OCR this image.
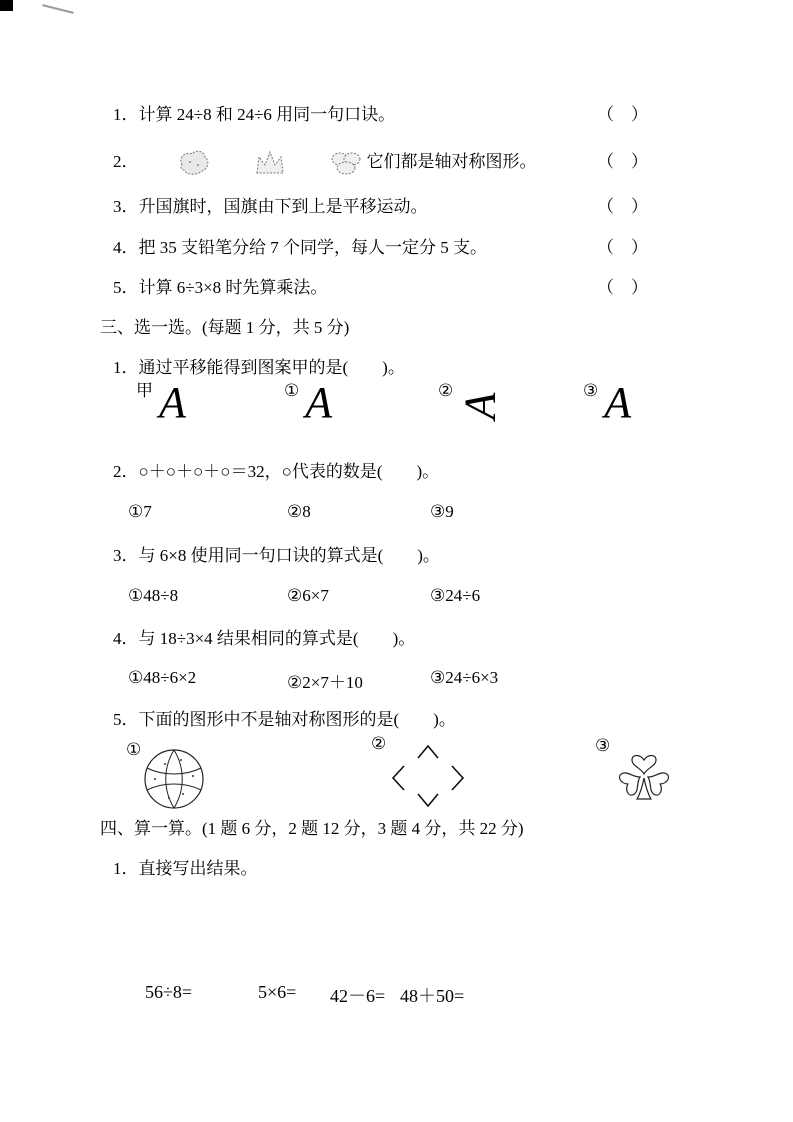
1． 计算 24÷8 和 24÷6 用同一句口诀。	（　）
2．

	它们都是轴对称图形。	（　）
3． 升国旗时，国旗由下到上是平移运动。	（　）
4． 把 35 支铅笔分给 7 个同学，每人一定分 5 支。	（　）
5． 计算 6÷3×8 时先算乘法。	（　）
三、选一选。(每题 1 分，共 5 分)
1．通过平移能得到图案甲的是(　　)。
甲 A	① A	②A
③ A
2．○＋○＋○＋○＝32，○代表的数是(　　)。
①7	②8	③9
3．与 6×8 使用同一句口诀的算式是(　　)。
①48÷8	②6×7	③24÷6
4．与 18÷3×4 结果相同的算式是(　　)。
①48÷6×2	②2×7＋10	③24÷6×3
5．下面的图形中不是轴对称图形的是(　　)。
①	②	③
四、算一算。(1 题 6 分，2 题 12 分，3 题 4 分，共 22 分)
1．直接写出结果。
56÷8=	5×6= 42－6= 48＋50=
